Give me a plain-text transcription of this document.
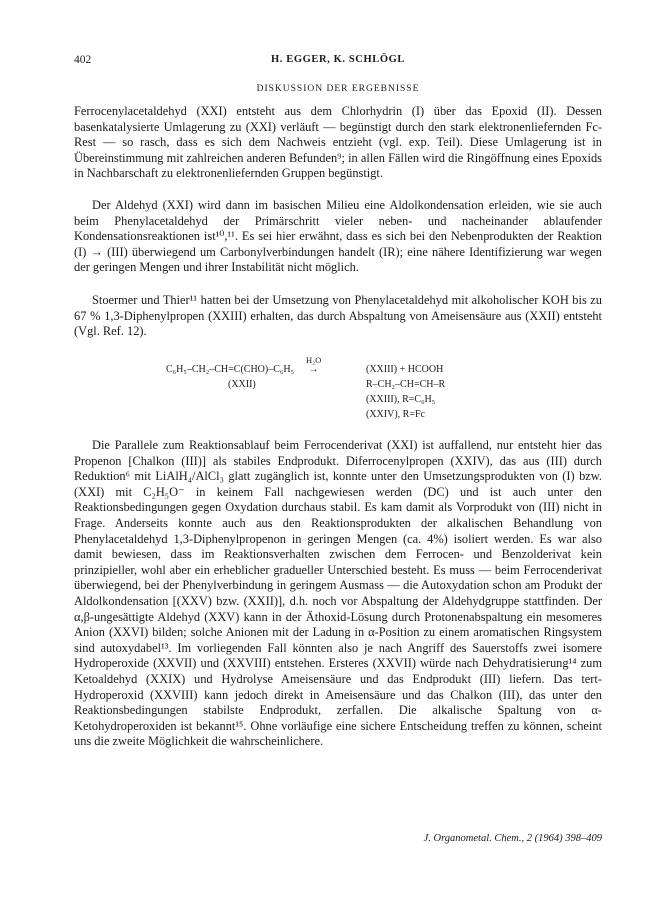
402	H. EGGER, K. SCHLÖGL
DISKUSSION DER ERGEBNISSE

Ferrocenylacetaldehyd (XXI) entsteht aus dem Chlorhydrin (I) über das Epoxid (II). Dessen basenkatalysierte Umlagerung zu (XXI) verläuft — begünstigt durch den stark elektronenliefernden Fc-Rest — so rasch, dass es sich dem Nachweis entzieht (vgl. exp. Teil). Diese Umlagerung ist in Übereinstimmung mit zahlreichen anderen Befunden⁹; in allen Fällen wird die Ringöffnung eines Epoxids in Nachbarschaft zu elektronenliefernden Gruppen begünstigt.

Der Aldehyd (XXI) wird dann im basischen Milieu eine Aldolkondensation erleiden, wie sie auch beim Phenylacetaldehyd der Primärschritt vieler neben- und nacheinander ablaufender Kondensationsreaktionen ist¹⁰,¹¹. Es sei hier erwähnt, dass es sich bei den Nebenprodukten der Reaktion (I) → (III) überwiegend um Carbonylverbindungen handelt (IR); eine nähere Identifizierung war wegen der geringen Mengen und ihrer Instabilität nicht möglich.

Stoermer und Thier¹¹ hatten bei der Umsetzung von Phenylacetaldehyd mit alkoholischer KOH bis zu 67 % 1,3-Diphenylpropen (XXIII) erhalten, das durch Abspaltung von Ameisensäure aus (XXII) entsteht (Vgl. Ref. 12).

C₆H₅–CH₂–CH=C(CHO)–C₆H₅
H₂O
→
(XXII)
(XXIII) + HCOOH
R–CH₂–CH=CH–R
(XXIII), R=C₆H₅
(XXIV), R=Fc

Die Parallele zum Reaktionsablauf beim Ferrocenderivat (XXI) ist auffallend, nur entsteht hier das Propenon [Chalkon (III)] als stabiles Endprodukt. Diferrocenylpropen (XXIV), das aus (III) durch Reduktion⁶ mit LiAlH₄/AlCl₃ glatt zugänglich ist, konnte unter den Umsetzungsprodukten von (I) bzw. (XXI) mit C₂H₅O⁻ in keinem Fall nachgewiesen werden (DC) und ist auch unter den Reaktionsbedingungen gegen Oxydation durchaus stabil. Es kam damit als Vorprodukt von (III) nicht in Frage. Anderseits konnte auch aus den Reaktionsprodukten der alkalischen Behandlung von Phenylacetaldehyd 1,3-Diphenylpropenon in geringen Mengen (ca. 4%) isoliert werden. Es war also damit bewiesen, dass im Reaktionsverhalten zwischen dem Ferrocen- und Benzolderivat kein prinzipieller, wohl aber ein erheblicher gradueller Unterschied besteht. Es muss — beim Ferrocenderivat überwiegend, bei der Phenylverbindung in geringem Ausmass — die Autoxydation schon am Produkt der Aldolkondensation [(XXV) bzw. (XXII)], d.h. noch vor Abspaltung der Aldehydgruppe stattfinden. Der α,β-ungesättigte Aldehyd (XXV) kann in der Äthoxid-Lösung durch Protonenabspaltung ein mesomeres Anion (XXVI) bilden; solche Anionen mit der Ladung in α-Position zu einem aromatischen Ringsystem sind autoxydabel¹³. Im vorliegenden Fall könnten also je nach Angriff des Sauerstoffs zwei isomere Hydroperoxide (XXVII) und (XXVIII) entstehen. Ersteres (XXVII) würde nach Dehydratisierung¹⁴ zum Ketoaldehyd (XXIX) und Hydrolyse Ameisensäure und das Endprodukt (III) liefern. Das tert-Hydroperoxid (XXVIII) kann jedoch direkt in Ameisensäure und das Chalkon (III), das unter den Reaktionsbedingungen stabilste Endprodukt, zerfallen. Die alkalische Spaltung von α-Ketohydroperoxiden ist bekannt¹⁵. Ohne vorläufige eine sichere Entscheidung treffen zu können, scheint uns die zweite Möglichkeit die wahrscheinlichere.

J. Organometal. Chem., 2 (1964) 398–409
